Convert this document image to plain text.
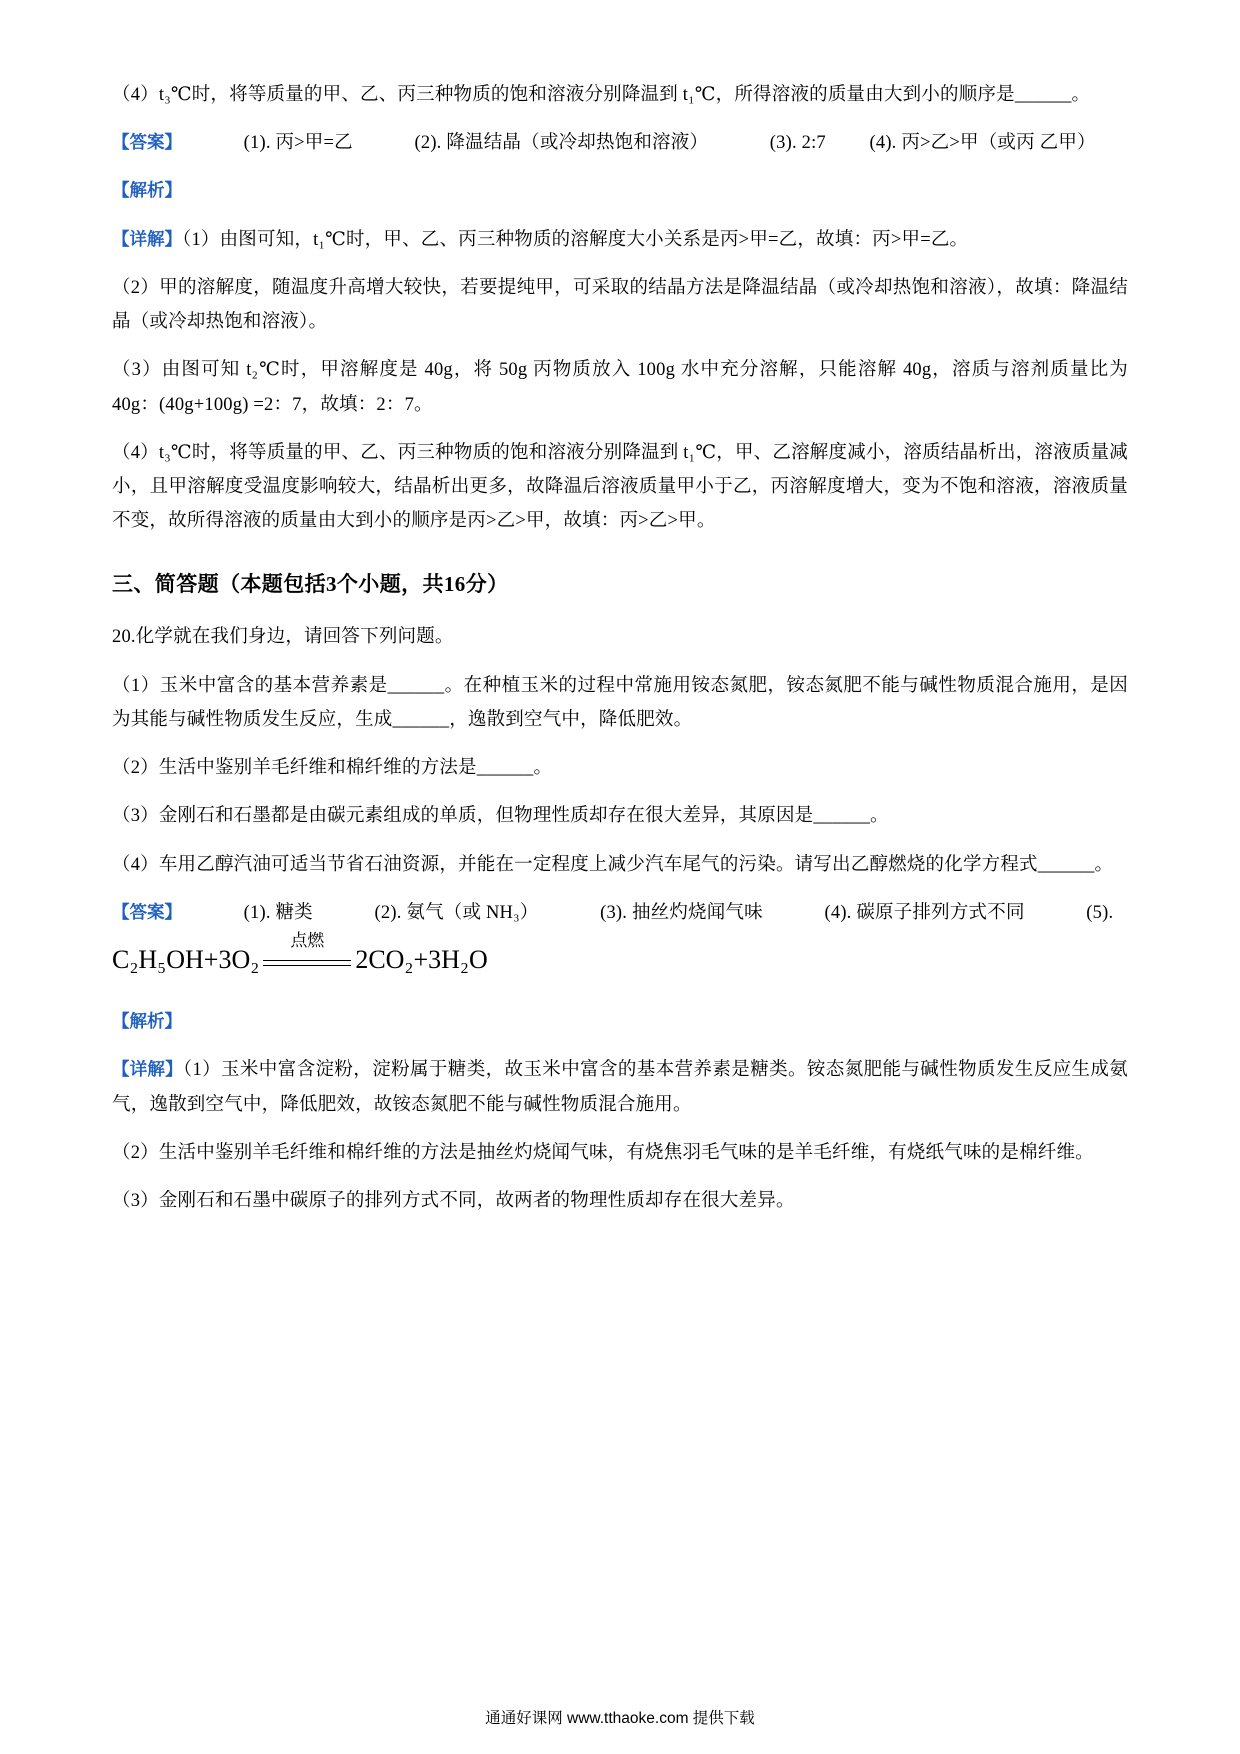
（4）t₃℃时，将等质量的甲、乙、丙三种物质的饱和溶液分别降温到 t₁℃，所得溶液的质量由大到小的顺序是______。

【答案】	(1). 丙>甲=乙	(2). 降温结晶（或冷却热饱和溶液）	(3). 2:7 (4). 丙>乙>甲（或丙 乙甲）

【解析】

【详解】（1）由图可知，t₁℃时，甲、乙、丙三种物质的溶解度大小关系是丙>甲=乙，故填：丙>甲=乙。

（2）甲的溶解度，随温度升高增大较快，若要提纯甲，可采取的结晶方法是降温结晶（或冷却热饱和溶液），故填：降温结晶（或冷却热饱和溶液）。

（3）由图可知 t₂℃时，甲溶解度是 40g，将 50g 丙物质放入 100g 水中充分溶解，只能溶解 40g，溶质与溶剂质量比为 40g：(40g+100g) =2：7，故填：2：7。

（4）t₃℃时，将等质量的甲、乙、丙三种物质的饱和溶液分别降温到 t₁℃，甲、乙溶解度减小，溶质结晶析出，溶液质量减小，且甲溶解度受温度影响较大，结晶析出更多，故降温后溶液质量甲小于乙，丙溶解度增大，变为不饱和溶液，溶液质量不变，故所得溶液的质量由大到小的顺序是丙>乙>甲，故填：丙>乙>甲。

三、简答题（本题包括3个小题，共16分）

20.化学就在我们身边，请回答下列问题。

（1）玉米中富含的基本营养素是______。在种植玉米的过程中常施用铵态氮肥，铵态氮肥不能与碱性物质混合施用，是因为其能与碱性物质发生反应，生成______，逸散到空气中，降低肥效。

（2）生活中鉴别羊毛纤维和棉纤维的方法是______。

（3）金刚石和石墨都是由碳元素组成的单质，但物理性质却存在很大差异，其原因是______。

（4）车用乙醇汽油可适当节省石油资源，并能在一定程度上减少汽车尾气的污染。请写出乙醇燃烧的化学方程式______。

【答案】	(1). 糖类	(2). 氨气（或 NH₃）	(3). 抽丝灼烧闻气味	(4). 碳原子排列方式不同	(5).

C₂H₅OH+3O₂
点燃
2CO₂+3H₂O

【解析】

【详解】（1）玉米中富含淀粉，淀粉属于糖类，故玉米中富含的基本营养素是糖类。铵态氮肥能与碱性物质发生反应生成氨气，逸散到空气中，降低肥效，故铵态氮肥不能与碱性物质混合施用。

（2）生活中鉴别羊毛纤维和棉纤维的方法是抽丝灼烧闻气味，有烧焦羽毛气味的是羊毛纤维，有烧纸气味的是棉纤维。

（3）金刚石和石墨中碳原子的排列方式不同，故两者的物理性质却存在很大差异。

通通好课网 www.tthaoke.com 提供下载
